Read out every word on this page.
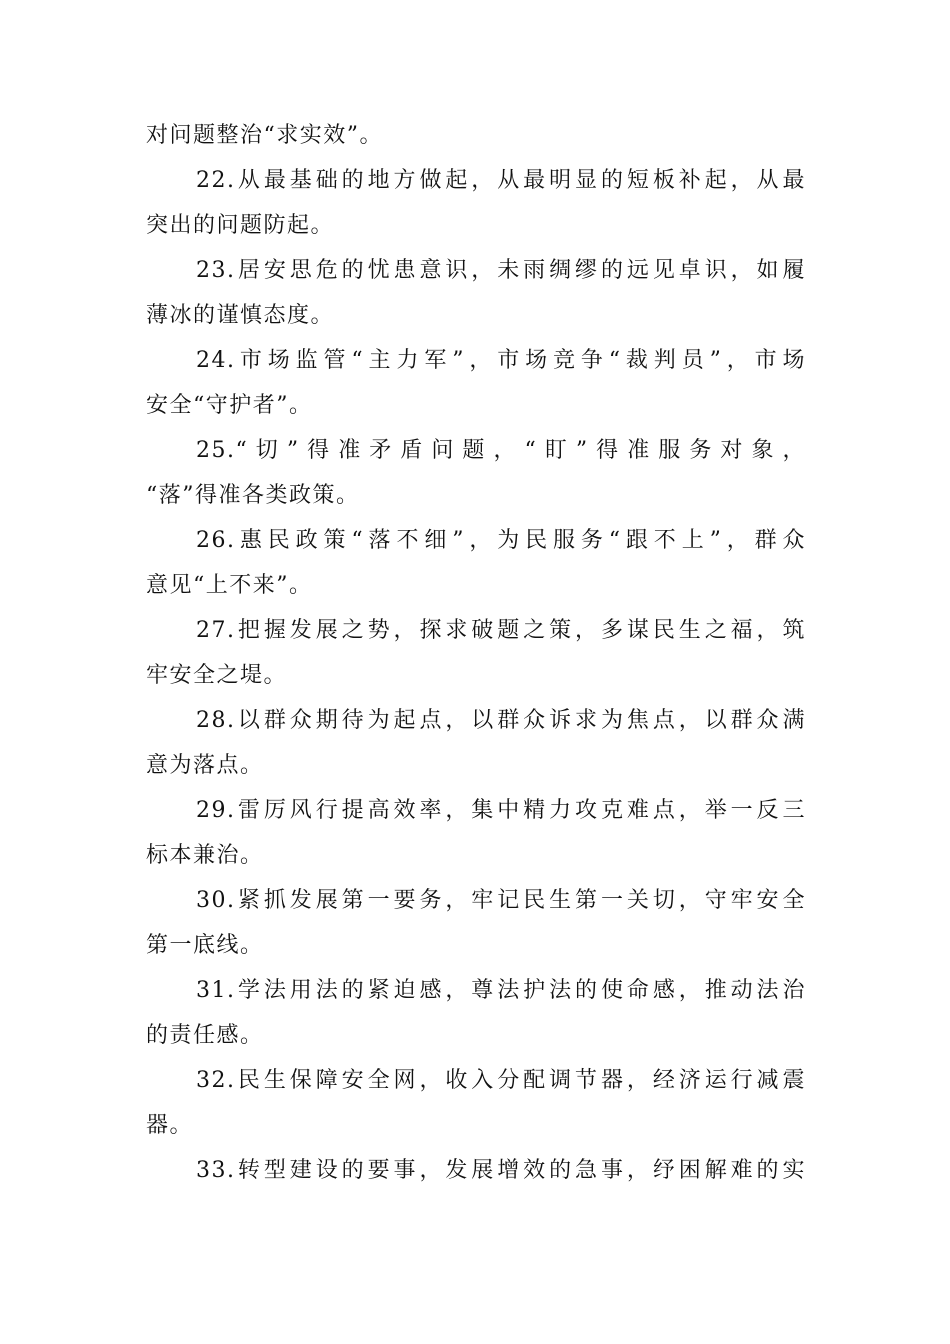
对问题整治“求实效”。
22.从最基础的地方做起，从最明显的短板补起，从最
突出的问题防起。
23.居安思危的忧患意识，未雨绸缪的远见卓识，如履
薄冰的谨慎态度。
24.市场监管“主力军”，市场竞争“裁判员”，市场
安全“守护者”。
25.“切”得准矛盾问题，“盯”得准服务对象，
“落”得准各类政策。
26.惠民政策“落不细”，为民服务“跟不上”，群众
意见“上不来”。
27.把握发展之势，探求破题之策，多谋民生之福，筑
牢安全之堤。
28.以群众期待为起点，以群众诉求为焦点，以群众满
意为落点。
29.雷厉风行提高效率，集中精力攻克难点，举一反三
标本兼治。
30.紧抓发展第一要务，牢记民生第一关切，守牢安全
第一底线。
31.学法用法的紧迫感，尊法护法的使命感，推动法治
的责任感。
32.民生保障安全网，收入分配调节器，经济运行减震
器。
33.转型建设的要事，发展增效的急事，纾困解难的实
